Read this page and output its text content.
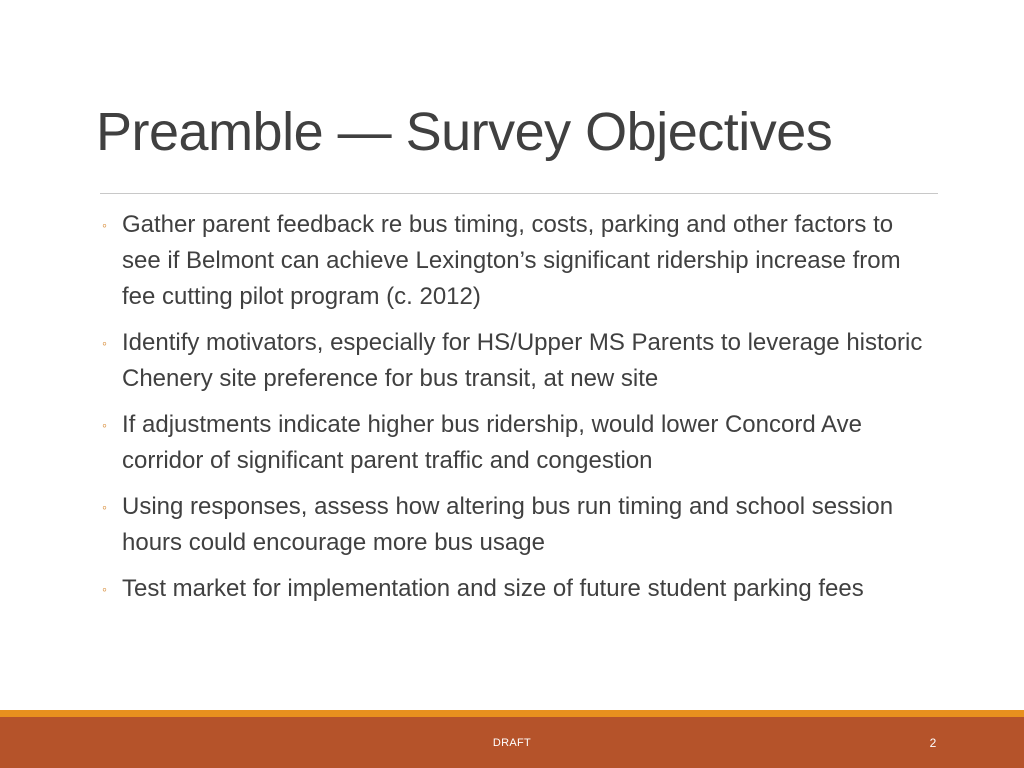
Preamble — Survey Objectives
◦ Gather parent feedback re bus timing, costs, parking and other factors to see if Belmont can achieve Lexington’s significant ridership increase from fee cutting pilot program (c. 2012)
◦ Identify motivators, especially for HS/Upper MS Parents to leverage historic Chenery site preference for bus transit, at new site
◦ If adjustments indicate higher bus ridership, would lower Concord Ave corridor of significant parent traffic and congestion
◦ Using responses, assess how altering bus run timing and school session hours could encourage more bus usage
◦ Test market for implementation and size of future student parking fees
DRAFT	2
